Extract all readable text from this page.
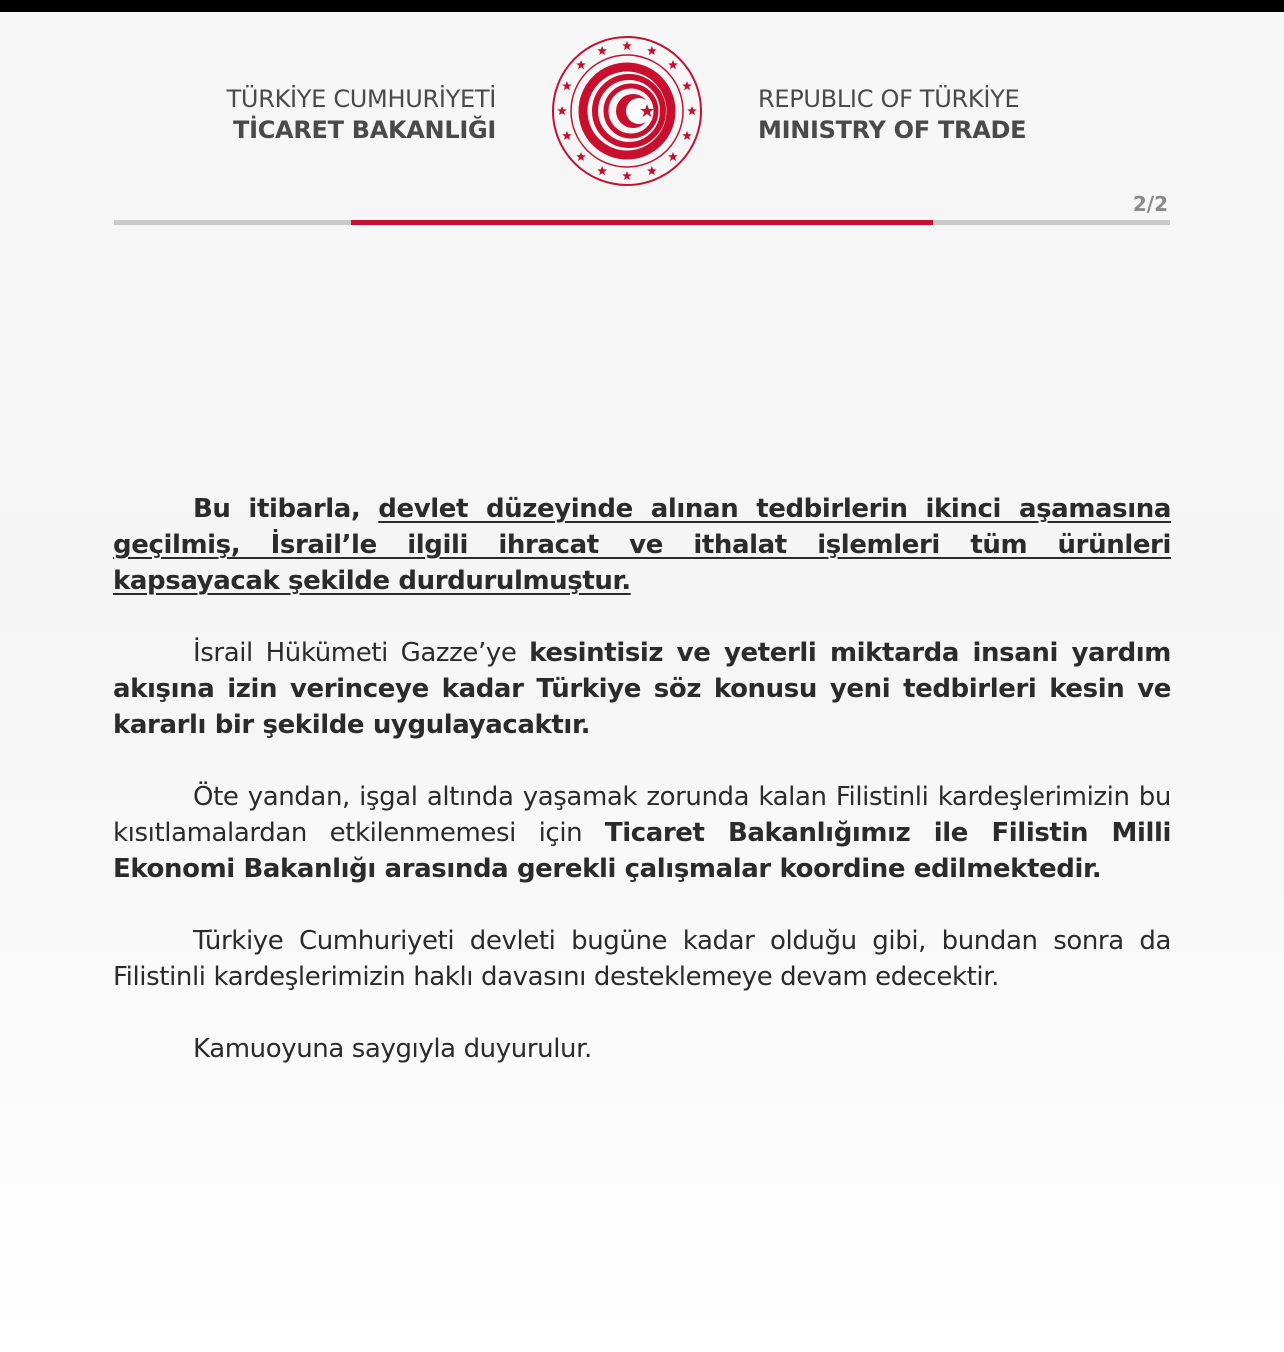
TÜRKİYE CUMHURİYETİ
TİCARET BAKANLIĞI
REPUBLIC OF TÜRKİYE
MINISTRY OF TRADE
2/2

Bu itibarla, devlet düzeyinde alınan tedbirlerin ikinci aşamasına geçilmiş, İsrail’le ilgili ihracat ve ithalat işlemleri tüm ürünleri kapsayacak şekilde durdurulmuştur.

İsrail Hükümeti Gazze’ye kesintisiz ve yeterli miktarda insani yardım akışına izin verinceye kadar Türkiye söz konusu yeni tedbirleri kesin ve kararlı bir şekilde uygulayacaktır.

Öte yandan, işgal altında yaşamak zorunda kalan Filistinli kardeşlerimizin bu kısıtlamalardan etkilenmemesi için Ticaret Bakanlığımız ile Filistin Milli Ekonomi Bakanlığı arasında gerekli çalışmalar koordine edilmektedir.

Türkiye Cumhuriyeti devleti bugüne kadar olduğu gibi, bundan sonra da Filistinli kardeşlerimizin haklı davasını desteklemeye devam edecektir.

Kamuoyuna saygıyla duyurulur.
